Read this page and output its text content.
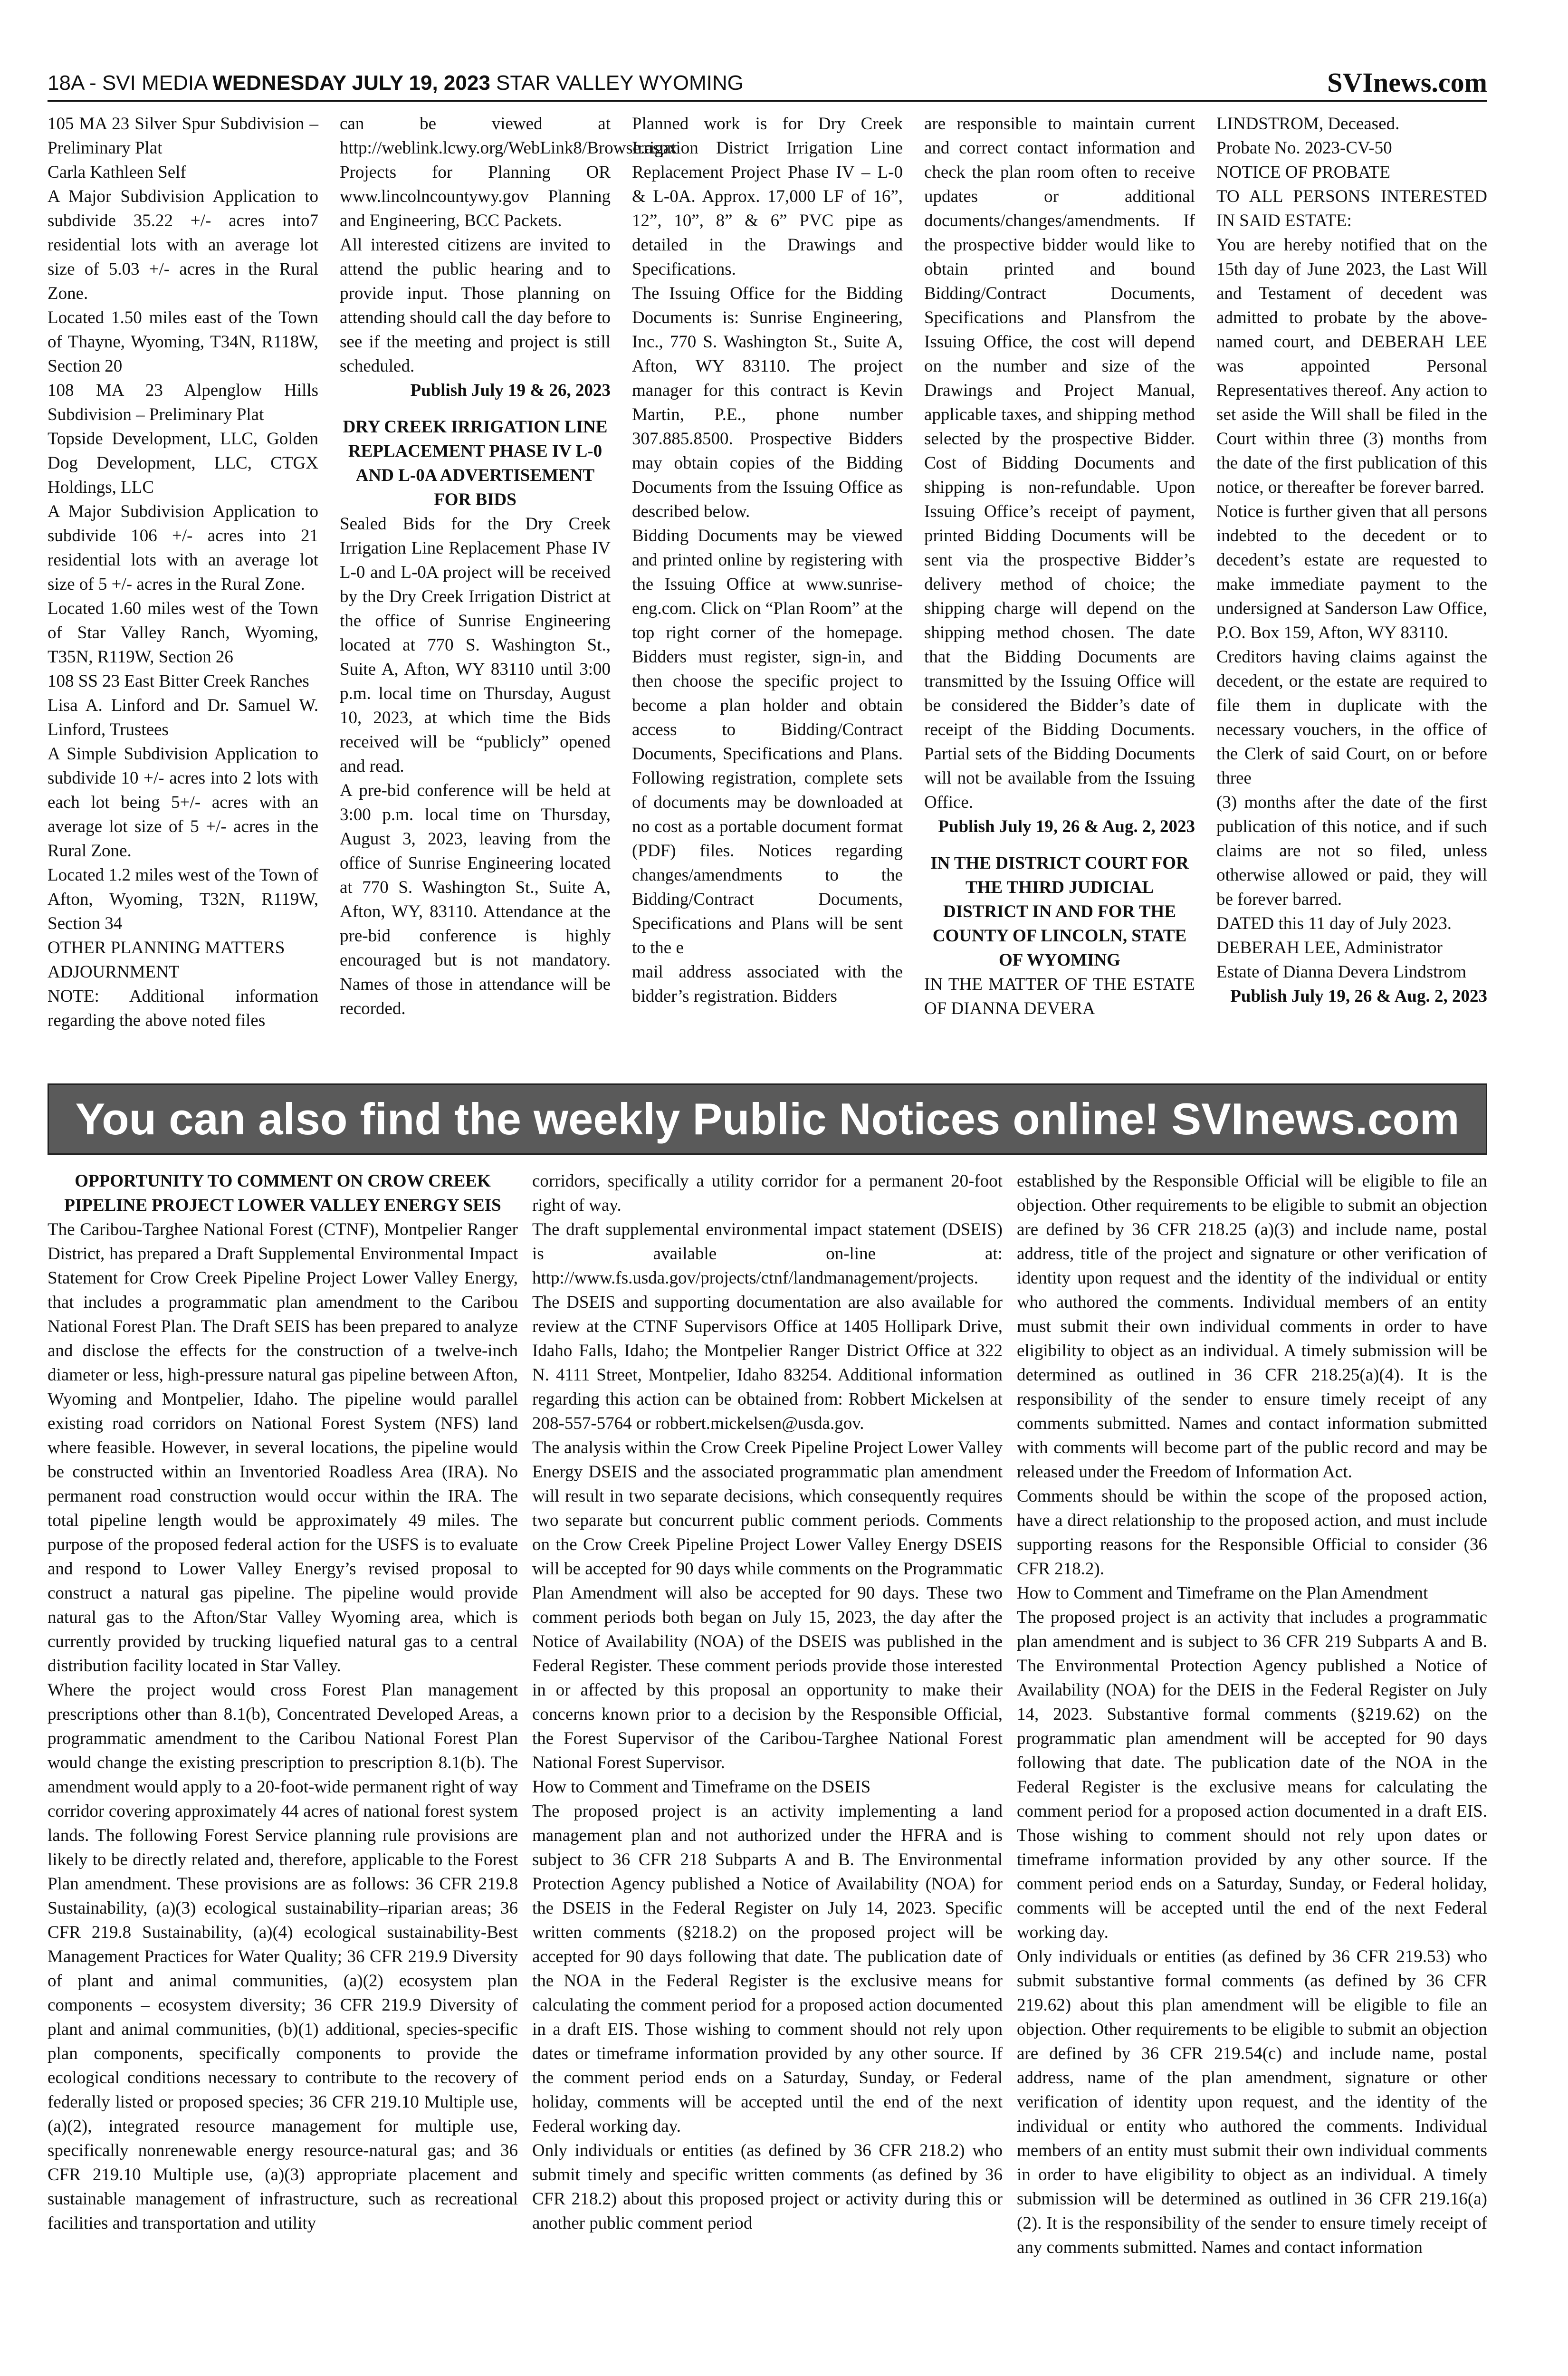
18A - SVI MEDIA WEDNESDAY JULY 19, 2023 STAR VALLEY WYOMING	SVInews.com

105 MA 23 Silver Spur Subdivision – Preliminary Plat

Carla Kathleen Self

A Major Subdivision Application to subdivide 35.22 +/- acres into7 residential lots with an average lot size of 5.03 +/- acres in the Rural Zone.

Located 1.50 miles east of the Town of Thayne, Wyoming, T34N, R118W, Section 20

108 MA 23 Alpenglow Hills Subdivision – Preliminary Plat

Topside Development, LLC, Golden Dog Development, LLC, CTGX Holdings, LLC

A Major Subdivision Application to subdivide 106 +/- acres into 21 residential lots with an average lot size of 5 +/- acres in the Rural Zone.

Located 1.60 miles west of the Town of Star Valley Ranch, Wyoming, T35N, R119W, Section 26

108 SS 23 East Bitter Creek Ranches

Lisa A. Linford and Dr. Samuel W. Linford, Trustees

A Simple Subdivision Application to subdivide 10 +/- acres into 2 lots with each lot being 5+/- acres with an average lot size of 5 +/- acres in the Rural Zone.

Located 1.2 miles west of the Town of Afton, Wyoming, T32N, R119W, Section 34

OTHER PLANNING MATTERS

ADJOURNMENT

NOTE: Additional information regarding the above noted files

can be viewed at http://weblink.lcwy.org/WebLink8/Browse.aspx Projects for Planning OR www.lincolncountywy.gov Planning and Engineering, BCC Packets.

All interested citizens are invited to attend the public hearing and to provide input. Those planning on attending should call the day before to see if the meeting and project is still scheduled.

Publish July 19 & 26, 2023

DRY CREEK IRRIGATION LINE REPLACEMENT PHASE IV L-0 AND L-0A ADVERTISEMENT FOR BIDS

Sealed Bids for the Dry Creek Irrigation Line Replacement Phase IV L-0 and L-0A project will be received by the Dry Creek Irrigation District at the office of Sunrise Engineering located at 770 S. Washington St., Suite A, Afton, WY 83110 until 3:00 p.m. local time on Thursday, August 10, 2023, at which time the Bids received will be “publicly” opened and read.

A pre-bid conference will be held at 3:00 p.m. local time on Thursday, August 3, 2023, leaving from the office of Sunrise Engineering located at 770 S. Washington St., Suite A, Afton, WY, 83110. Attendance at the pre-bid conference is highly encouraged but is not mandatory. Names of those in attendance will be recorded.

Planned work is for Dry Creek Irrigation District Irrigation Line Replacement Project Phase IV – L-0 & L-0A. Approx. 17,000 LF of 16”, 12”, 10”, 8” & 6” PVC pipe as detailed in the Drawings and Specifications.

The Issuing Office for the Bidding Documents is: Sunrise Engineering, Inc., 770 S. Washington St., Suite A, Afton, WY 83110. The project manager for this contract is Kevin Martin, P.E., phone number 307.885.8500. Prospective Bidders may obtain copies of the Bidding Documents from the Issuing Office as described below.

Bidding Documents may be viewed and printed online by registering with the Issuing Office at www.sunrise-eng.com. Click on “Plan Room” at the top right corner of the homepage. Bidders must register, sign-in, and then choose the specific project to become a plan holder and obtain access to Bidding/Contract Documents, Specifications and Plans. Following registration, complete sets of documents may be downloaded at no cost as a portable document format (PDF) files. Notices regarding changes/amendments to the Bidding/Contract Documents, Specifications and Plans will be sent to the e

mail address associated with the bidder’s registration. Bidders

are responsible to maintain current and correct contact information and check the plan room often to receive updates or additional documents/changes/amendments. If the prospective bidder would like to obtain printed and bound Bidding/Contract Documents, Specifications and Plansfrom the Issuing Office, the cost will depend on the number and size of the Drawings and Project Manual, applicable taxes, and shipping method selected by the prospective Bidder. Cost of Bidding Documents and shipping is non-refundable. Upon Issuing Office’s receipt of payment, printed Bidding Documents will be sent via the prospective Bidder’s delivery method of choice; the shipping charge will depend on the shipping method chosen. The date that the Bidding Documents are transmitted by the Issuing Office will be considered the Bidder’s date of receipt of the Bidding Documents. Partial sets of the Bidding Documents will not be available from the Issuing Office.

Publish July 19, 26 & Aug. 2, 2023

IN THE DISTRICT COURT FOR THE THIRD JUDICIAL DISTRICT IN AND FOR THE COUNTY OF LINCOLN, STATE OF WYOMING

IN THE MATTER OF THE ESTATE OF DIANNA DEVERA

LINDSTROM, Deceased.

Probate No. 2023-CV-50

NOTICE OF PROBATE

TO ALL PERSONS INTERESTED IN SAID ESTATE:

You are hereby notified that on the 15th day of June 2023, the Last Will and Testament of decedent was admitted to probate by the above-named court, and DEBERAH LEE was appointed Personal Representatives thereof. Any action to set aside the Will shall be filed in the Court within three (3) months from the date of the first publication of this notice, or thereafter be forever barred.

Notice is further given that all persons indebted to the decedent or to decedent’s estate are requested to make immediate payment to the undersigned at Sanderson Law Office, P.O. Box 159, Afton, WY 83110.

Creditors having claims against the decedent, or the estate are required to file them in duplicate with the necessary vouchers, in the office of the Clerk of said Court, on or before three

(3) months after the date of the first publication of this notice, and if such claims are not so filed, unless otherwise allowed or paid, they will be forever barred.

DATED this 11 day of July 2023.

DEBERAH LEE, Administrator

Estate of Dianna Devera Lindstrom

Publish July 19, 26 & Aug. 2, 2023

You can also find the weekly Public Notices online! SVInews.com

OPPORTUNITY TO COMMENT ON CROW CREEK PIPELINE PROJECT LOWER VALLEY ENERGY SEIS

The Caribou-Targhee National Forest (CTNF), Montpelier Ranger District, has prepared a Draft Supplemental Environmental Impact Statement for Crow Creek Pipeline Project Lower Valley Energy, that includes a programmatic plan amendment to the Caribou National Forest Plan. The Draft SEIS has been prepared to analyze and disclose the effects for the construction of a twelve-inch diameter or less, high-pressure natural gas pipeline between Afton, Wyoming and Montpelier, Idaho. The pipeline would parallel existing road corridors on National Forest System (NFS) land where feasible. However, in several locations, the pipeline would be constructed within an Inventoried Roadless Area (IRA). No permanent road construction would occur within the IRA. The total pipeline length would be approximately 49 miles. The purpose of the proposed federal action for the USFS is to evaluate and respond to Lower Valley Energy’s revised proposal to construct a natural gas pipeline. The pipeline would provide natural gas to the Afton/Star Valley Wyoming area, which is currently provided by trucking liquefied natural gas to a central distribution facility located in Star Valley.

Where the project would cross Forest Plan management prescriptions other than 8.1(b), Concentrated Developed Areas, a programmatic amendment to the Caribou National Forest Plan would change the existing prescription to prescription 8.1(b). The amendment would apply to a 20-foot-wide permanent right of way corridor covering approximately 44 acres of national forest system lands. The following Forest Service planning rule provisions are likely to be directly related and, therefore, applicable to the Forest Plan amendment. These provisions are as follows: 36 CFR 219.8 Sustainability, (a)(3) ecological sustainability–riparian areas; 36 CFR 219.8 Sustainability, (a)(4) ecological sustainability-Best Management Practices for Water Quality; 36 CFR 219.9 Diversity of plant and animal communities, (a)(2) ecosystem plan components – ecosystem diversity; 36 CFR 219.9 Diversity of plant and animal communities, (b)(1) additional, species-specific plan components, specifically components to provide the ecological conditions necessary to contribute to the recovery of federally listed or proposed species; 36 CFR 219.10 Multiple use, (a)(2), integrated resource management for multiple use, specifically nonrenewable energy resource-natural gas; and 36 CFR 219.10 Multiple use, (a)(3) appropriate placement and sustainable management of infrastructure, such as recreational facilities and transportation and utility

corridors, specifically a utility corridor for a permanent 20-foot right of way.

The draft supplemental environmental impact statement (DSEIS) is available on-line at: http://www.fs.usda.gov/projects/ctnf/landmanagement/projects. The DSEIS and supporting documentation are also available for review at the CTNF Supervisors Office at 1405 Hollipark Drive, Idaho Falls, Idaho; the Montpelier Ranger District Office at 322 N. 4111 Street, Montpelier, Idaho 83254. Additional information regarding this action can be obtained from: Robbert Mickelsen at 208-557-5764 or robbert.mickelsen@usda.gov.

The analysis within the Crow Creek Pipeline Project Lower Valley Energy DSEIS and the associated programmatic plan amendment will result in two separate decisions, which consequently requires two separate but concurrent public comment periods. Comments on the Crow Creek Pipeline Project Lower Valley Energy DSEIS will be accepted for 90 days while comments on the Programmatic Plan Amendment will also be accepted for 90 days. These two comment periods both began on July 15, 2023, the day after the Notice of Availability (NOA) of the DSEIS was published in the Federal Register. These comment periods provide those interested in or affected by this proposal an opportunity to make their concerns known prior to a decision by the Responsible Official, the Forest Supervisor of the Caribou-Targhee National Forest National Forest Supervisor.

How to Comment and Timeframe on the DSEIS

The proposed project is an activity implementing a land management plan and not authorized under the HFRA and is subject to 36 CFR 218 Subparts A and B. The Environmental Protection Agency published a Notice of Availability (NOA) for the DSEIS in the Federal Register on July 14, 2023. Specific written comments (§218.2) on the proposed project will be accepted for 90 days following that date. The publication date of the NOA in the Federal Register is the exclusive means for calculating the comment period for a proposed action documented in a draft EIS. Those wishing to comment should not rely upon dates or timeframe information provided by any other source. If the comment period ends on a Saturday, Sunday, or Federal holiday, comments will be accepted until the end of the next Federal working day.

Only individuals or entities (as defined by 36 CFR 218.2) who submit timely and specific written comments (as defined by 36 CFR 218.2) about this proposed project or activity during this or another public comment period

established by the Responsible Official will be eligible to file an objection. Other requirements to be eligible to submit an objection are defined by 36 CFR 218.25 (a)(3) and include name, postal address, title of the project and signature or other verification of identity upon request and the identity of the individual or entity who authored the comments. Individual members of an entity must submit their own individual comments in order to have eligibility to object as an individual. A timely submission will be determined as outlined in 36 CFR 218.25(a)(4). It is the responsibility of the sender to ensure timely receipt of any comments submitted. Names and contact information submitted with comments will become part of the public record and may be released under the Freedom of Information Act.

Comments should be within the scope of the proposed action, have a direct relationship to the proposed action, and must include supporting reasons for the Responsible Official to consider (36 CFR 218.2).

How to Comment and Timeframe on the Plan Amendment

The proposed project is an activity that includes a programmatic plan amendment and is subject to 36 CFR 219 Subparts A and B. The Environmental Protection Agency published a Notice of Availability (NOA) for the DEIS in the Federal Register on July 14, 2023. Substantive formal comments (§219.62) on the programmatic plan amendment will be accepted for 90 days following that date. The publication date of the NOA in the Federal Register is the exclusive means for calculating the comment period for a proposed action documented in a draft EIS. Those wishing to comment should not rely upon dates or timeframe information provided by any other source. If the comment period ends on a Saturday, Sunday, or Federal holiday, comments will be accepted until the end of the next Federal working day.

Only individuals or entities (as defined by 36 CFR 219.53) who submit substantive formal comments (as defined by 36 CFR 219.62) about this plan amendment will be eligible to file an objection. Other requirements to be eligible to submit an objection are defined by 36 CFR 219.54(c) and include name, postal address, name of the plan amendment, signature or other verification of identity upon request, and the identity of the individual or entity who authored the comments. Individual members of an entity must submit their own individual comments in order to have eligibility to object as an individual. A timely submission will be determined as outlined in 36 CFR 219.16(a)(2). It is the responsibility of the sender to ensure timely receipt of any comments submitted. Names and contact information
